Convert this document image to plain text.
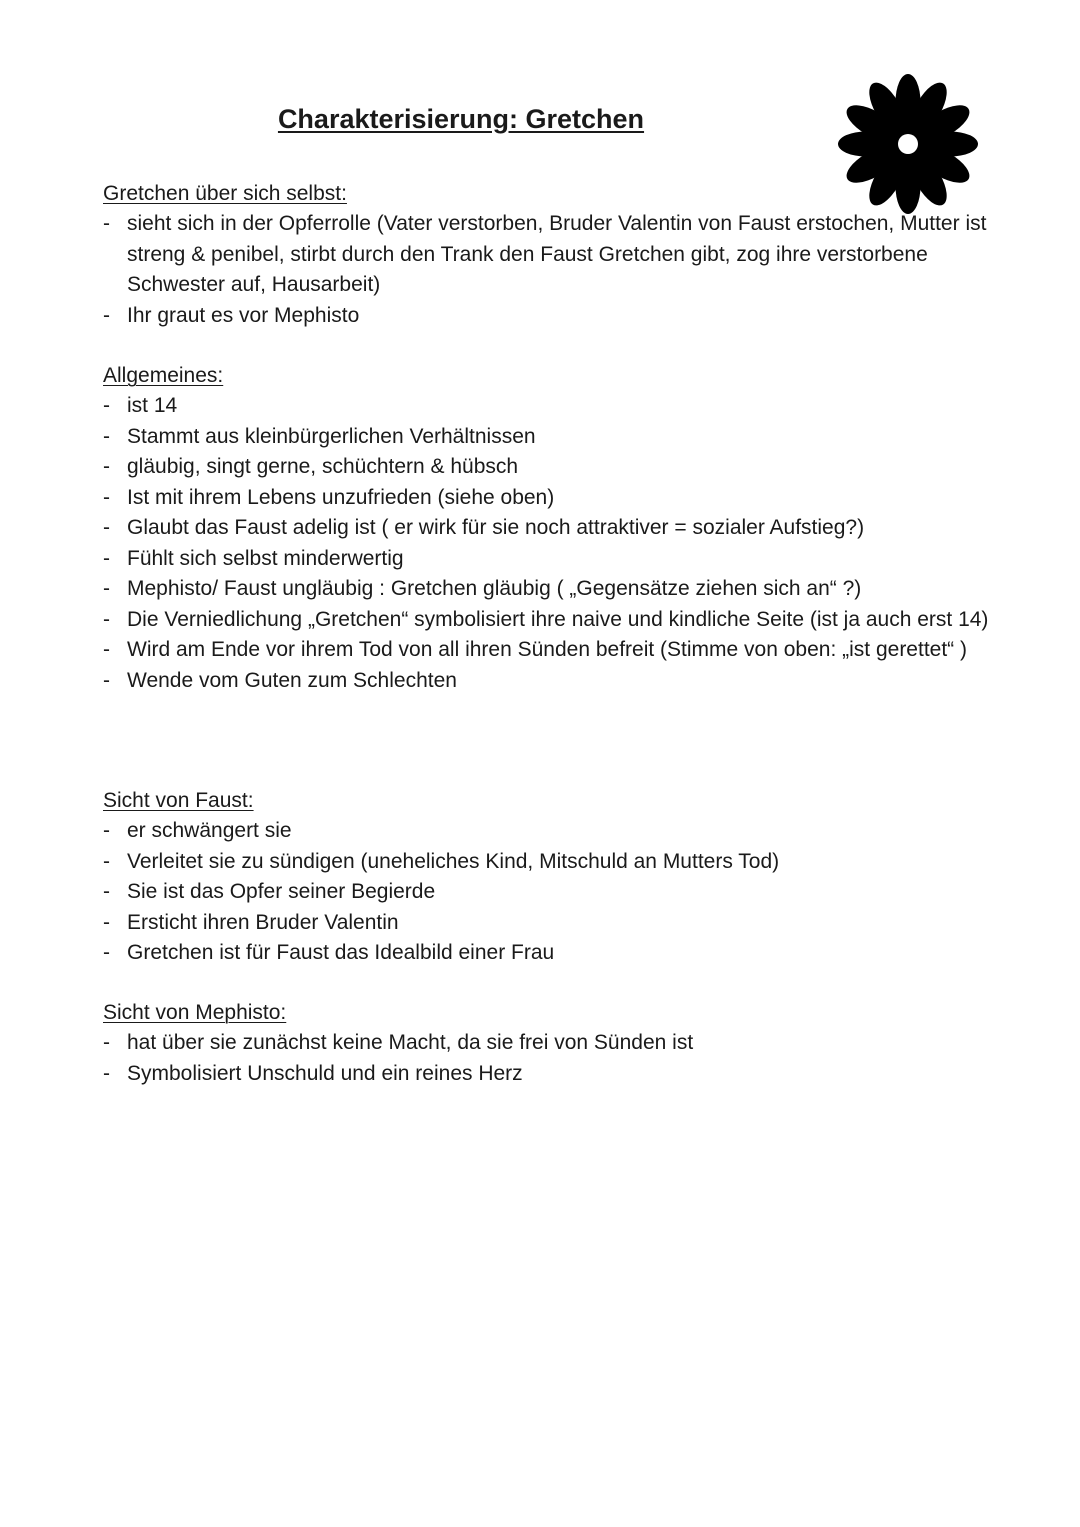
Charakterisierung: Gretchen
Gretchen über sich selbst:
- sieht sich in der Opferrolle (Vater verstorben, Bruder Valentin von Faust erstochen, Mutter ist streng & penibel, stirbt durch den Trank den Faust Gretchen gibt, zog ihre verstorbene Schwester auf, Hausarbeit)
- Ihr graut es vor Mephisto
Allgemeines:
- ist 14
- Stammt aus kleinbürgerlichen Verhältnissen
- gläubig, singt gerne, schüchtern & hübsch
- Ist mit ihrem Lebens unzufrieden (siehe oben)
- Glaubt das Faust adelig ist ( er wirk für sie noch attraktiver = sozialer Aufstieg?)
- Fühlt sich selbst minderwertig
- Mephisto/ Faust ungläubig : Gretchen gläubig ( „Gegensätze ziehen sich an“ ?)
- Die Verniedlichung „Gretchen“ symbolisiert ihre naive und kindliche Seite (ist ja auch erst 14)
- Wird am Ende vor ihrem Tod von all ihren Sünden befreit (Stimme von oben: „ist gerettet“ )
- Wende vom Guten zum Schlechten
Sicht von Faust:
- er schwängert sie
- Verleitet sie zu sündigen (uneheliches Kind, Mitschuld an Mutters Tod)
- Sie ist das Opfer seiner Begierde
- Ersticht ihren Bruder Valentin
- Gretchen ist für Faust das Idealbild einer Frau
Sicht von Mephisto:
- hat über sie zunächst keine Macht, da sie frei von Sünden ist
- Symbolisiert Unschuld und ein reines Herz
